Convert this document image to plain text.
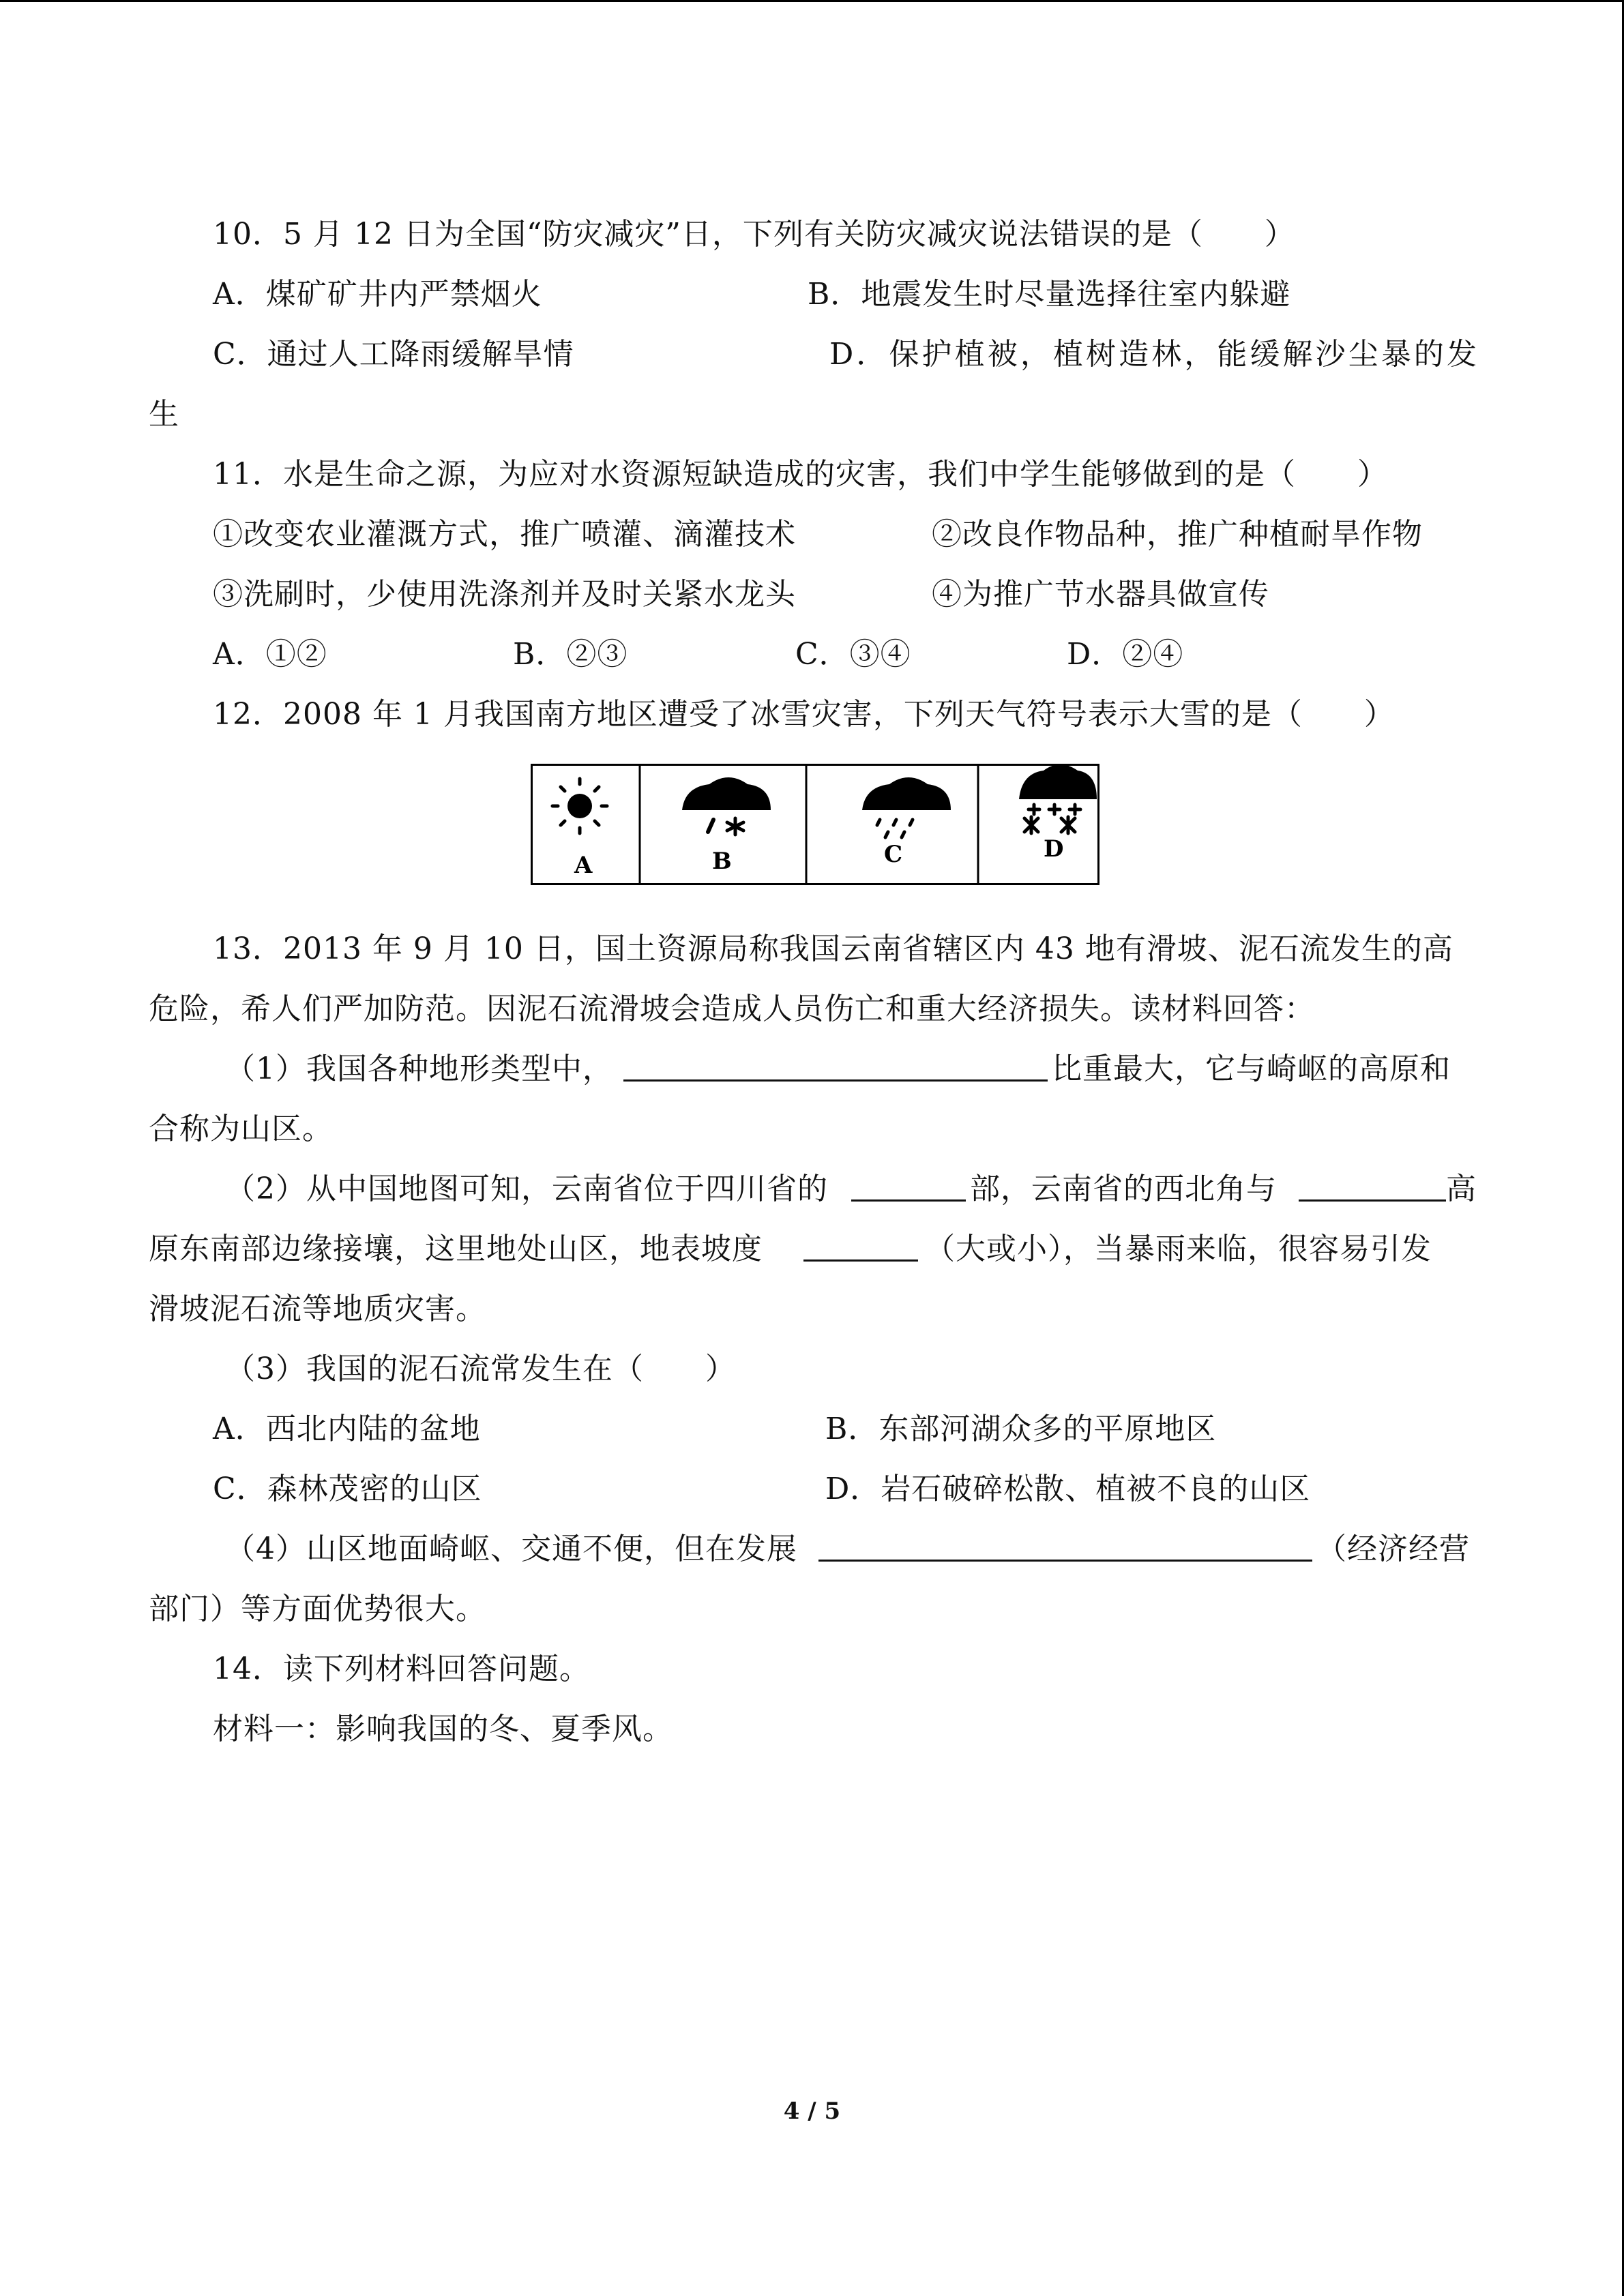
10．5 月 12 日为全国“防灾减灾”日，下列有关防灾减灾说法错误的是（　　）
A．煤矿矿井内严禁烟火	B．地震发生时尽量选择往室内躲避
C．通过人工降雨缓解旱情	D．保护植被，植树造林，能缓解沙尘暴的发
生
11．水是生命之源，为应对水资源短缺造成的灾害，我们中学生能够做到的是（　　）
①改变农业灌溉方式，推广喷灌、滴灌技术	②改良作物品种，推广种植耐旱作物
③洗刷时，少使用洗涤剂并及时关紧水龙头	④为推广节水器具做宣传
A．①②	B．②③	C．③④	D．②④
12．2008 年 1 月我国南方地区遭受了冰雪灾害，下列天气符号表示大雪的是（　　）
A	B	C	D
13．2013 年 9 月 10 日，国土资源局称我国云南省辖区内 43 地有滑坡、泥石流发生的高
危险，希人们严加防范。因泥石流滑坡会造成人员伤亡和重大经济损失。读材料回答：
（1）我国各种地形类型中，	比重最大，它与崎岖的高原和
合称为山区。
（2）从中国地图可知，云南省位于四川省的	部，云南省的西北角与	高
原东南部边缘接壤，这里地处山区，地表坡度	（大或小），当暴雨来临，很容易引发
滑坡泥石流等地质灾害。
（3）我国的泥石流常发生在（　　）
A．西北内陆的盆地	B．东部河湖众多的平原地区
C．森林茂密的山区	D．岩石破碎松散、植被不良的山区
（4）山区地面崎岖、交通不便，但在发展	（经济经营
部门）等方面优势很大。
14．读下列材料回答问题。
材料一：影响我国的冬、夏季风。
4 / 5
